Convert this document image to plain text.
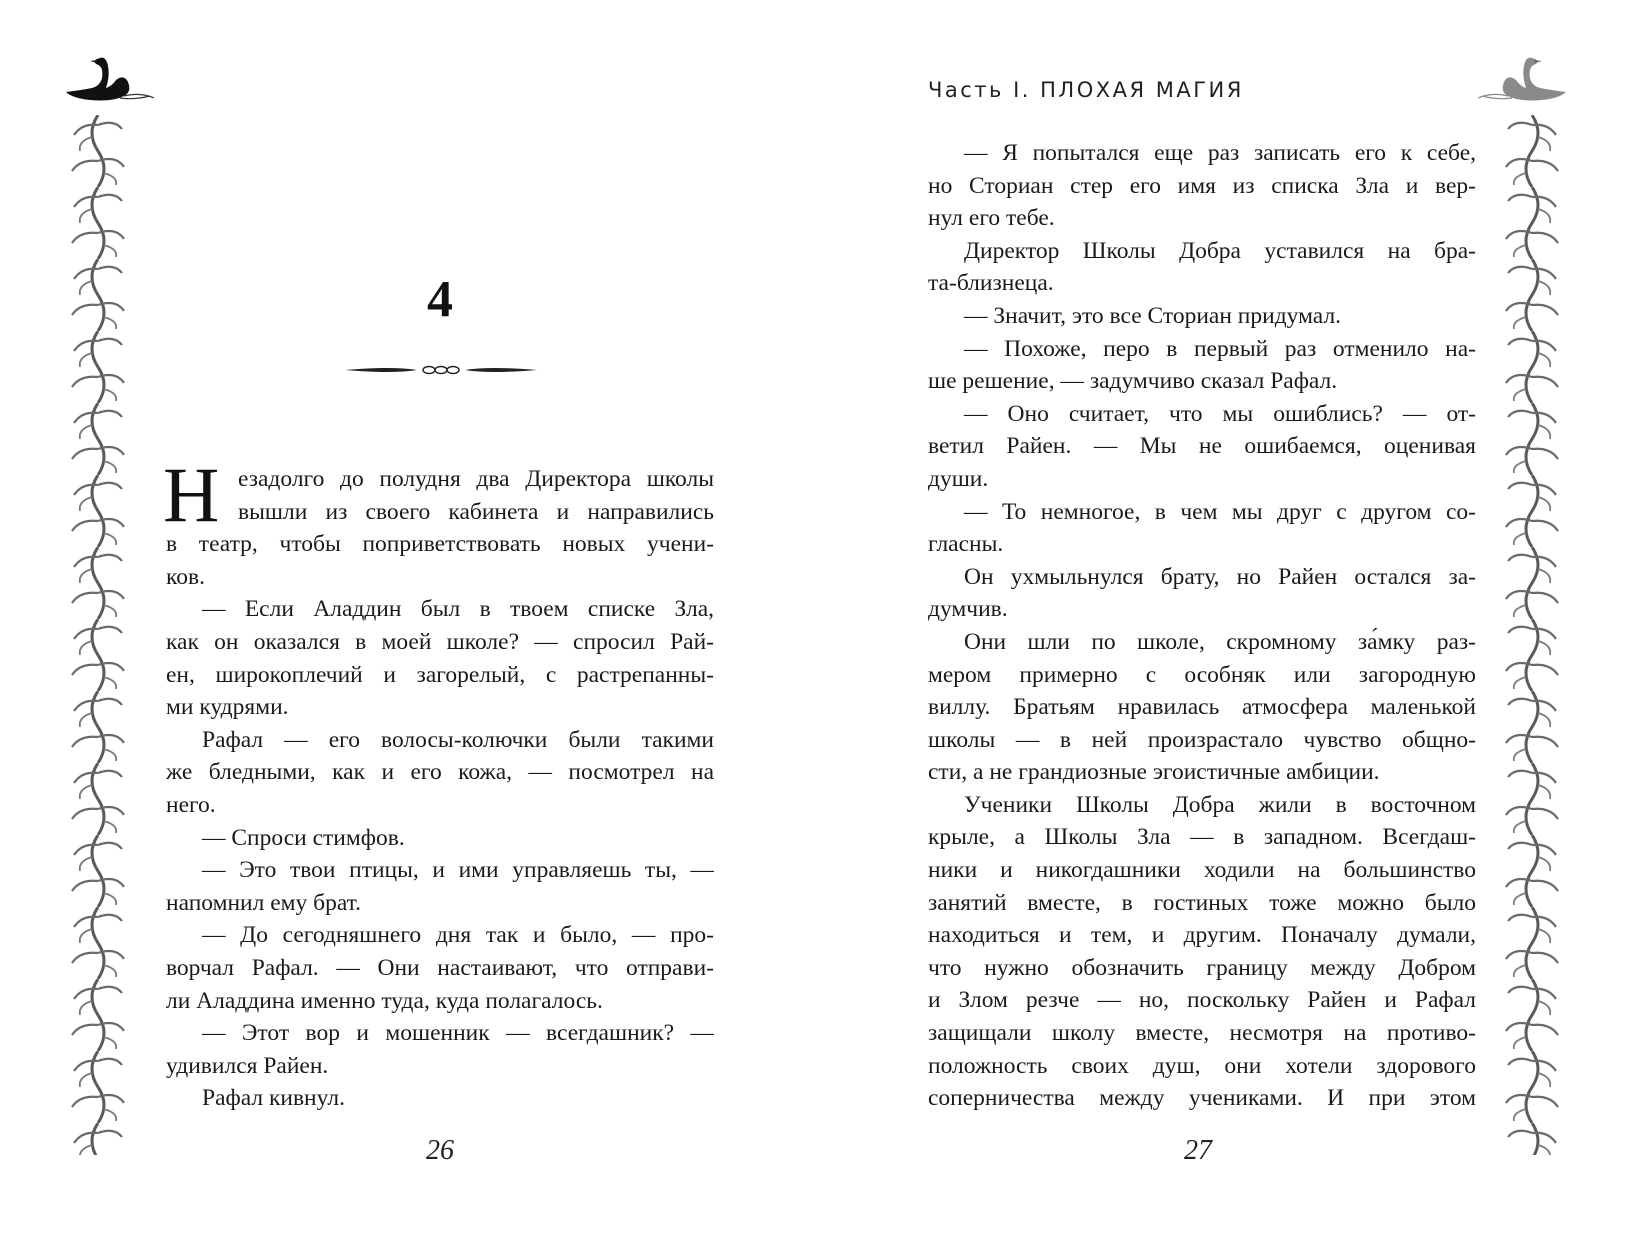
Часть І. ПЛОХАЯ МАГИЯ
4
Н езадолго до полудня два Директора школы
вышли из своего кабинета и направились
в театр, чтобы поприветствовать новых учени-
ков.
— Если Аладдин был в твоем списке Зла,
как он оказался в моей школе? — спросил Рай-
ен, широкоплечий и загорелый, с растрепанны-
ми кудрями.
Рафал — его волосы-колючки были такими
же бледными, как и его кожа, — посмотрел на
него.
— Спроси стимфов.
— Это твои птицы, и ими управляешь ты, —
напомнил ему брат.
— До сегодняшнего дня так и было, — про-
ворчал Рафал. — Они настаивают, что отправи-
ли Аладдина именно туда, куда полагалось.
— Этот вор и мошенник — всегдашник? —
удивился Райен.
Рафал кивнул.
— Я попытался еще раз записать его к себе,
но Сториан стер его имя из списка Зла и вер-
нул его тебе.
Директор Школы Добра уставился на бра-
та-близнеца.
— Значит, это все Сториан придумал.
— Похоже, перо в первый раз отменило на-
ше решение, — задумчиво сказал Рафал.
— Оно считает, что мы ошиблись? — от-
ветил Райен. — Мы не ошибаемся, оценивая
души.
— То немногое, в чем мы друг с другом со-
гласны.
Он ухмыльнулся брату, но Райен остался за-
думчив.
Они шли по школе, скромному за́мку раз-
мером примерно с особняк или загородную
виллу. Братьям нравилась атмосфера маленькой
школы — в ней произрастало чувство общно-
сти, а не грандиозные эгоистичные амбиции.
Ученики Школы Добра жили в восточном
крыле, а Школы Зла — в западном. Всегдаш-
ники и никогдашники ходили на большинство
занятий вместе, в гостиных тоже можно было
находиться и тем, и другим. Поначалу думали,
что нужно обозначить границу между Добром
и Злом резче — но, поскольку Райен и Рафал
защищали школу вместе, несмотря на противо-
положность своих душ, они хотели здорового
соперничества между учениками. И при этом
26	27
